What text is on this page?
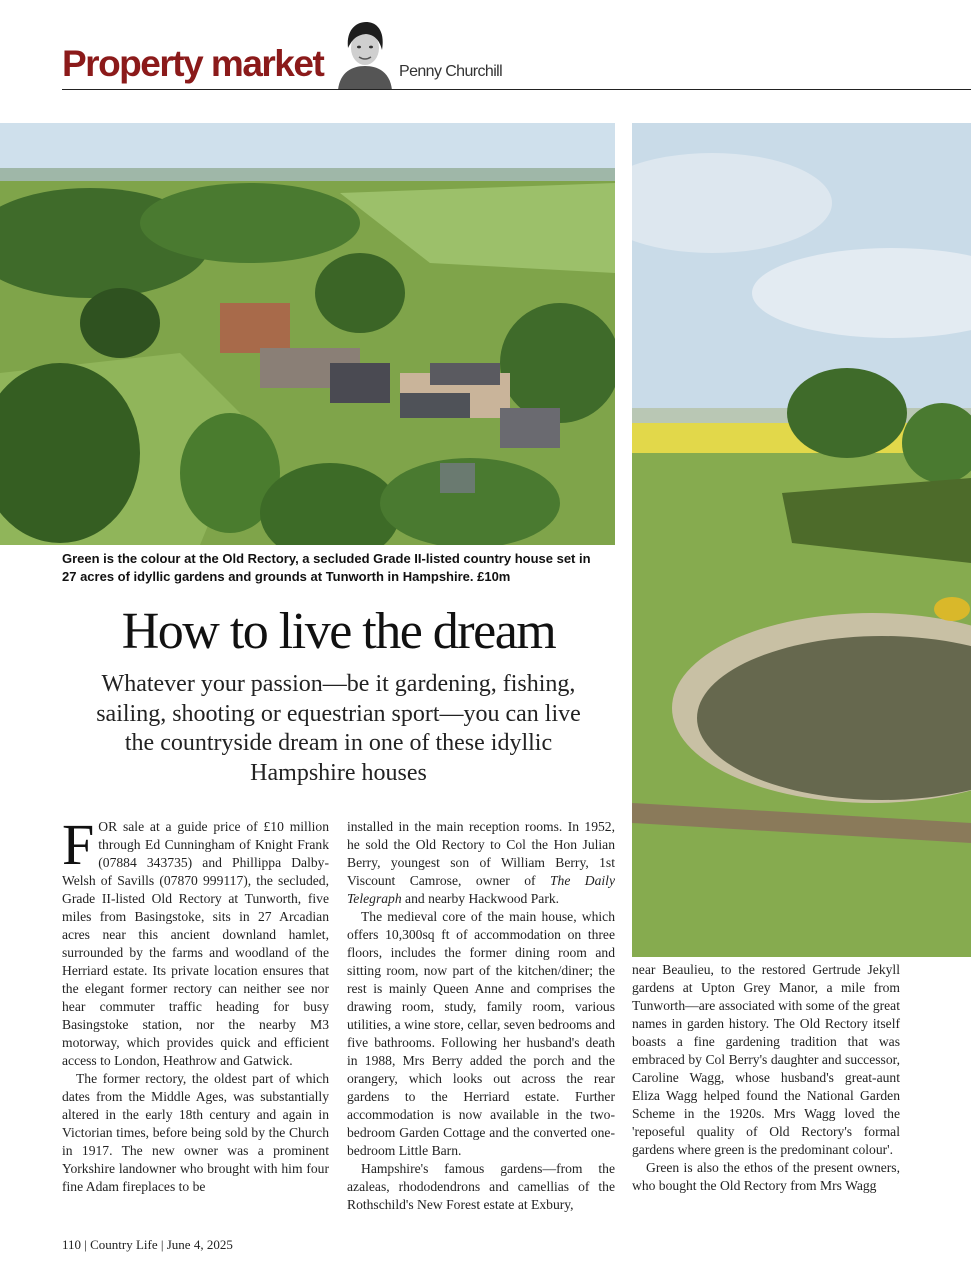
Property market	Penny Churchill
Green is the colour at the Old Rectory, a secluded Grade II-listed country house set in 27 acres of idyllic gardens and grounds at Tunworth in Hampshire. £10m
How to live the dream
Whatever your passion—be it gardening, fishing, sailing, shooting or equestrian sport—you can live the countryside dream in one of these idyllic Hampshire houses

FOR sale at a guide price of £10 million through Ed Cunningham of Knight Frank (07884 343735) and Phillippa Dalby-Welsh of Savills (07870 999117), the secluded, Grade II-listed Old Rectory at Tunworth, five miles from Basingstoke, sits in 27 Arcadian acres near this ancient downland hamlet, surrounded by the farms and woodland of the Herriard estate. Its private location ensures that the elegant former rectory can neither see nor hear commuter traffic heading for busy Basingstoke station, nor the nearby M3 motorway, which provides quick and efficient access to London, Heathrow and Gatwick.

The former rectory, the oldest part of which dates from the Middle Ages, was substantially altered in the early 18th century and again in Victorian times, before being sold by the Church in 1917. The new owner was a prominent Yorkshire landowner who brought with him four fine Adam fireplaces to be

installed in the main reception rooms. In 1952, he sold the Old Rectory to Col the Hon Julian Berry, youngest son of William Berry, 1st Viscount Camrose, owner of The Daily Telegraph and nearby Hackwood Park.

The medieval core of the main house, which offers 10,300sq ft of accommodation on three floors, includes the former dining room and sitting room, now part of the kitchen/diner; the rest is mainly Queen Anne and comprises the drawing room, study, family room, various utilities, a wine store, cellar, seven bedrooms and five bathrooms. Following her husband's death in 1988, Mrs Berry added the porch and the orangery, which looks out across the rear gardens to the Herriard estate. Further accommodation is now available in the two-bedroom Garden Cottage and the converted one-bedroom Little Barn.

Hampshire's famous gardens—from the azaleas, rhododendrons and camellias of the Rothschild's New Forest estate at Exbury,

near Beaulieu, to the restored Gertrude Jekyll gardens at Upton Grey Manor, a mile from Tunworth—are associated with some of the great names in garden history. The Old Rectory itself boasts a fine gardening tradition that was embraced by Col Berry's daughter and successor, Caroline Wagg, whose husband's great-aunt Eliza Wagg helped found the National Garden Scheme in the 1920s. Mrs Wagg loved the 'reposeful quality of Old Rectory's formal gardens where green is the predominant colour'.

Green is also the ethos of the present owners, who bought the Old Rectory from Mrs Wagg

110 | Country Life | June 4, 2025
